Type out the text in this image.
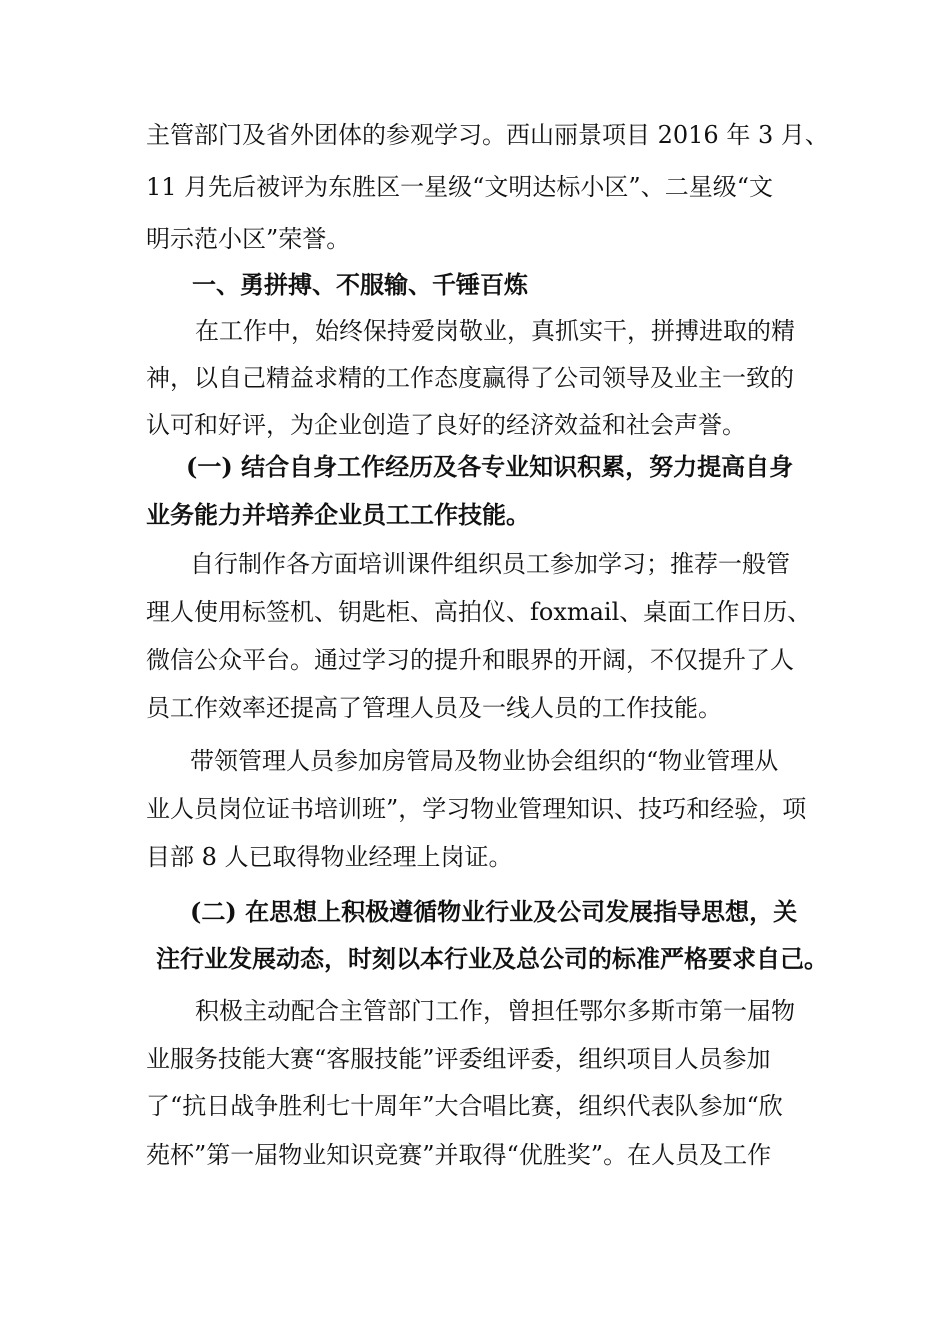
主管部门及省外团体的参观学习。西山丽景项目 2016 年 3 月、
11 月先后被评为东胜区一星级“文明达标小区”、二星级“文
明示范小区”荣誉。
一、勇拼搏、不服输、千锤百炼
在工作中，始终保持爱岗敬业，真抓实干，拼搏进取的精
神，以自己精益求精的工作态度赢得了公司领导及业主一致的
认可和好评，为企业创造了良好的经济效益和社会声誉。
(一) 结合自身工作经历及各专业知识积累，努力提高自身
业务能力并培养企业员工工作技能。
自行制作各方面培训课件组织员工参加学习；推荐一般管
理人使用标签机、钥匙柜、高拍仪、foxmail、桌面工作日历、
微信公众平台。通过学习的提升和眼界的开阔，不仅提升了人
员工作效率还提高了管理人员及一线人员的工作技能。
带领管理人员参加房管局及物业协会组织的“物业管理从
业人员岗位证书培训班”，学习物业管理知识、技巧和经验，项
目部 8 人已取得物业经理上岗证。
(二) 在思想上积极遵循物业行业及公司发展指导思想，关
注行业发展动态，时刻以本行业及总公司的标准严格要求自己。
积极主动配合主管部门工作，曾担任鄂尔多斯市第一届物
业服务技能大赛“客服技能”评委组评委，组织项目人员参加
了“抗日战争胜利七十周年”大合唱比赛，组织代表队参加“欣
苑杯”第一届物业知识竞赛”并取得“优胜奖”。在人员及工作
